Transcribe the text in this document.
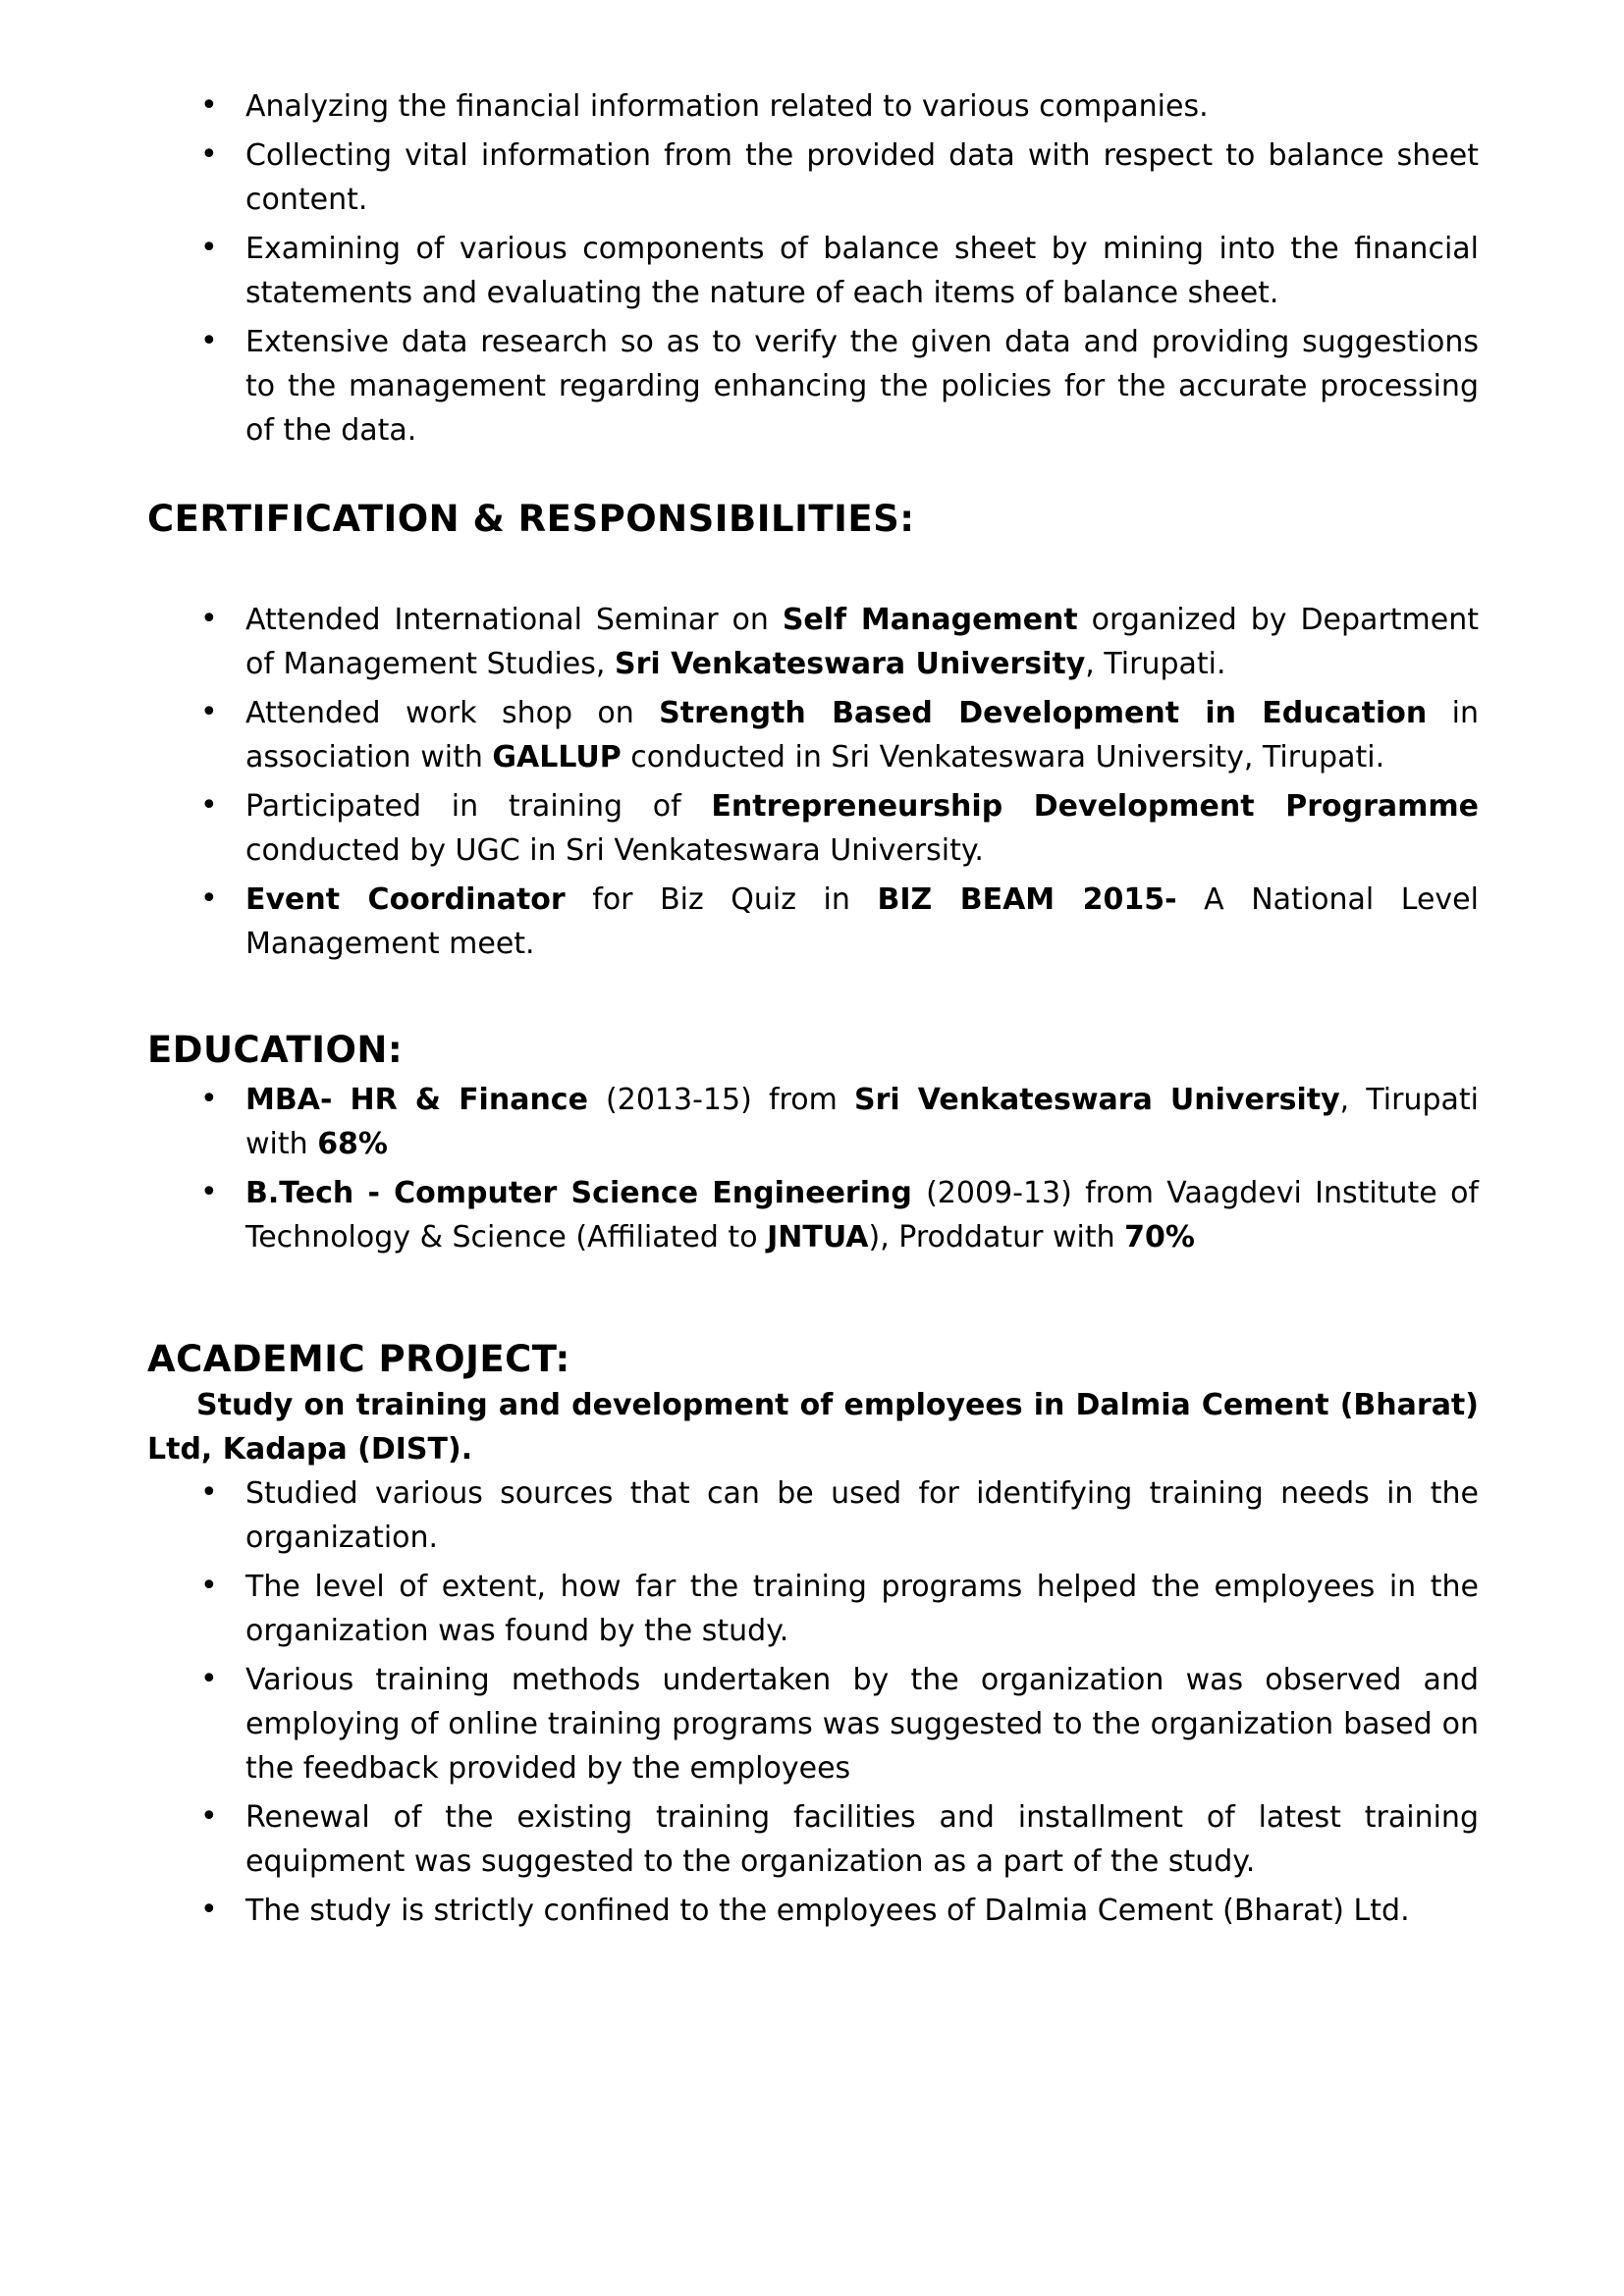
• Analyzing the financial information related to various companies.
• Collecting vital information from the provided data with respect to balance sheet content.
• Examining of various components of balance sheet by mining into the financial statements and evaluating the nature of each items of balance sheet.
• Extensive data research so as to verify the given data and providing suggestions to the management regarding enhancing the policies for the accurate processing of the data.
CERTIFICATION & RESPONSIBILITIES:
• Attended International Seminar on Self Management organized by Department of Management Studies, Sri Venkateswara University, Tirupati.
• Attended work shop on Strength Based Development in Education in association with GALLUP conducted in Sri Venkateswara University, Tirupati.
• Participated in training of Entrepreneurship Development Programme conducted by UGC in Sri Venkateswara University.
• Event Coordinator for Biz Quiz in BIZ BEAM 2015- A National Level Management meet.
EDUCATION:
• MBA- HR & Finance (2013-15) from Sri Venkateswara University, Tirupati with 68%
• B.Tech - Computer Science Engineering (2009-13) from Vaagdevi Institute of Technology & Science (Affiliated to JNTUA), Proddatur with 70%
ACADEMIC PROJECT:

Study on training and development of employees in Dalmia Cement (Bharat) Ltd, Kadapa (DIST).

• Studied various sources that can be used for identifying training needs in the organization.
• The level of extent, how far the training programs helped the employees in the organization was found by the study.
• Various training methods undertaken by the organization was observed and employing of online training programs was suggested to the organization based on the feedback provided by the employees
• Renewal of the existing training facilities and installment of latest training equipment was suggested to the organization as a part of the study.
• The study is strictly confined to the employees of Dalmia Cement (Bharat) Ltd.
